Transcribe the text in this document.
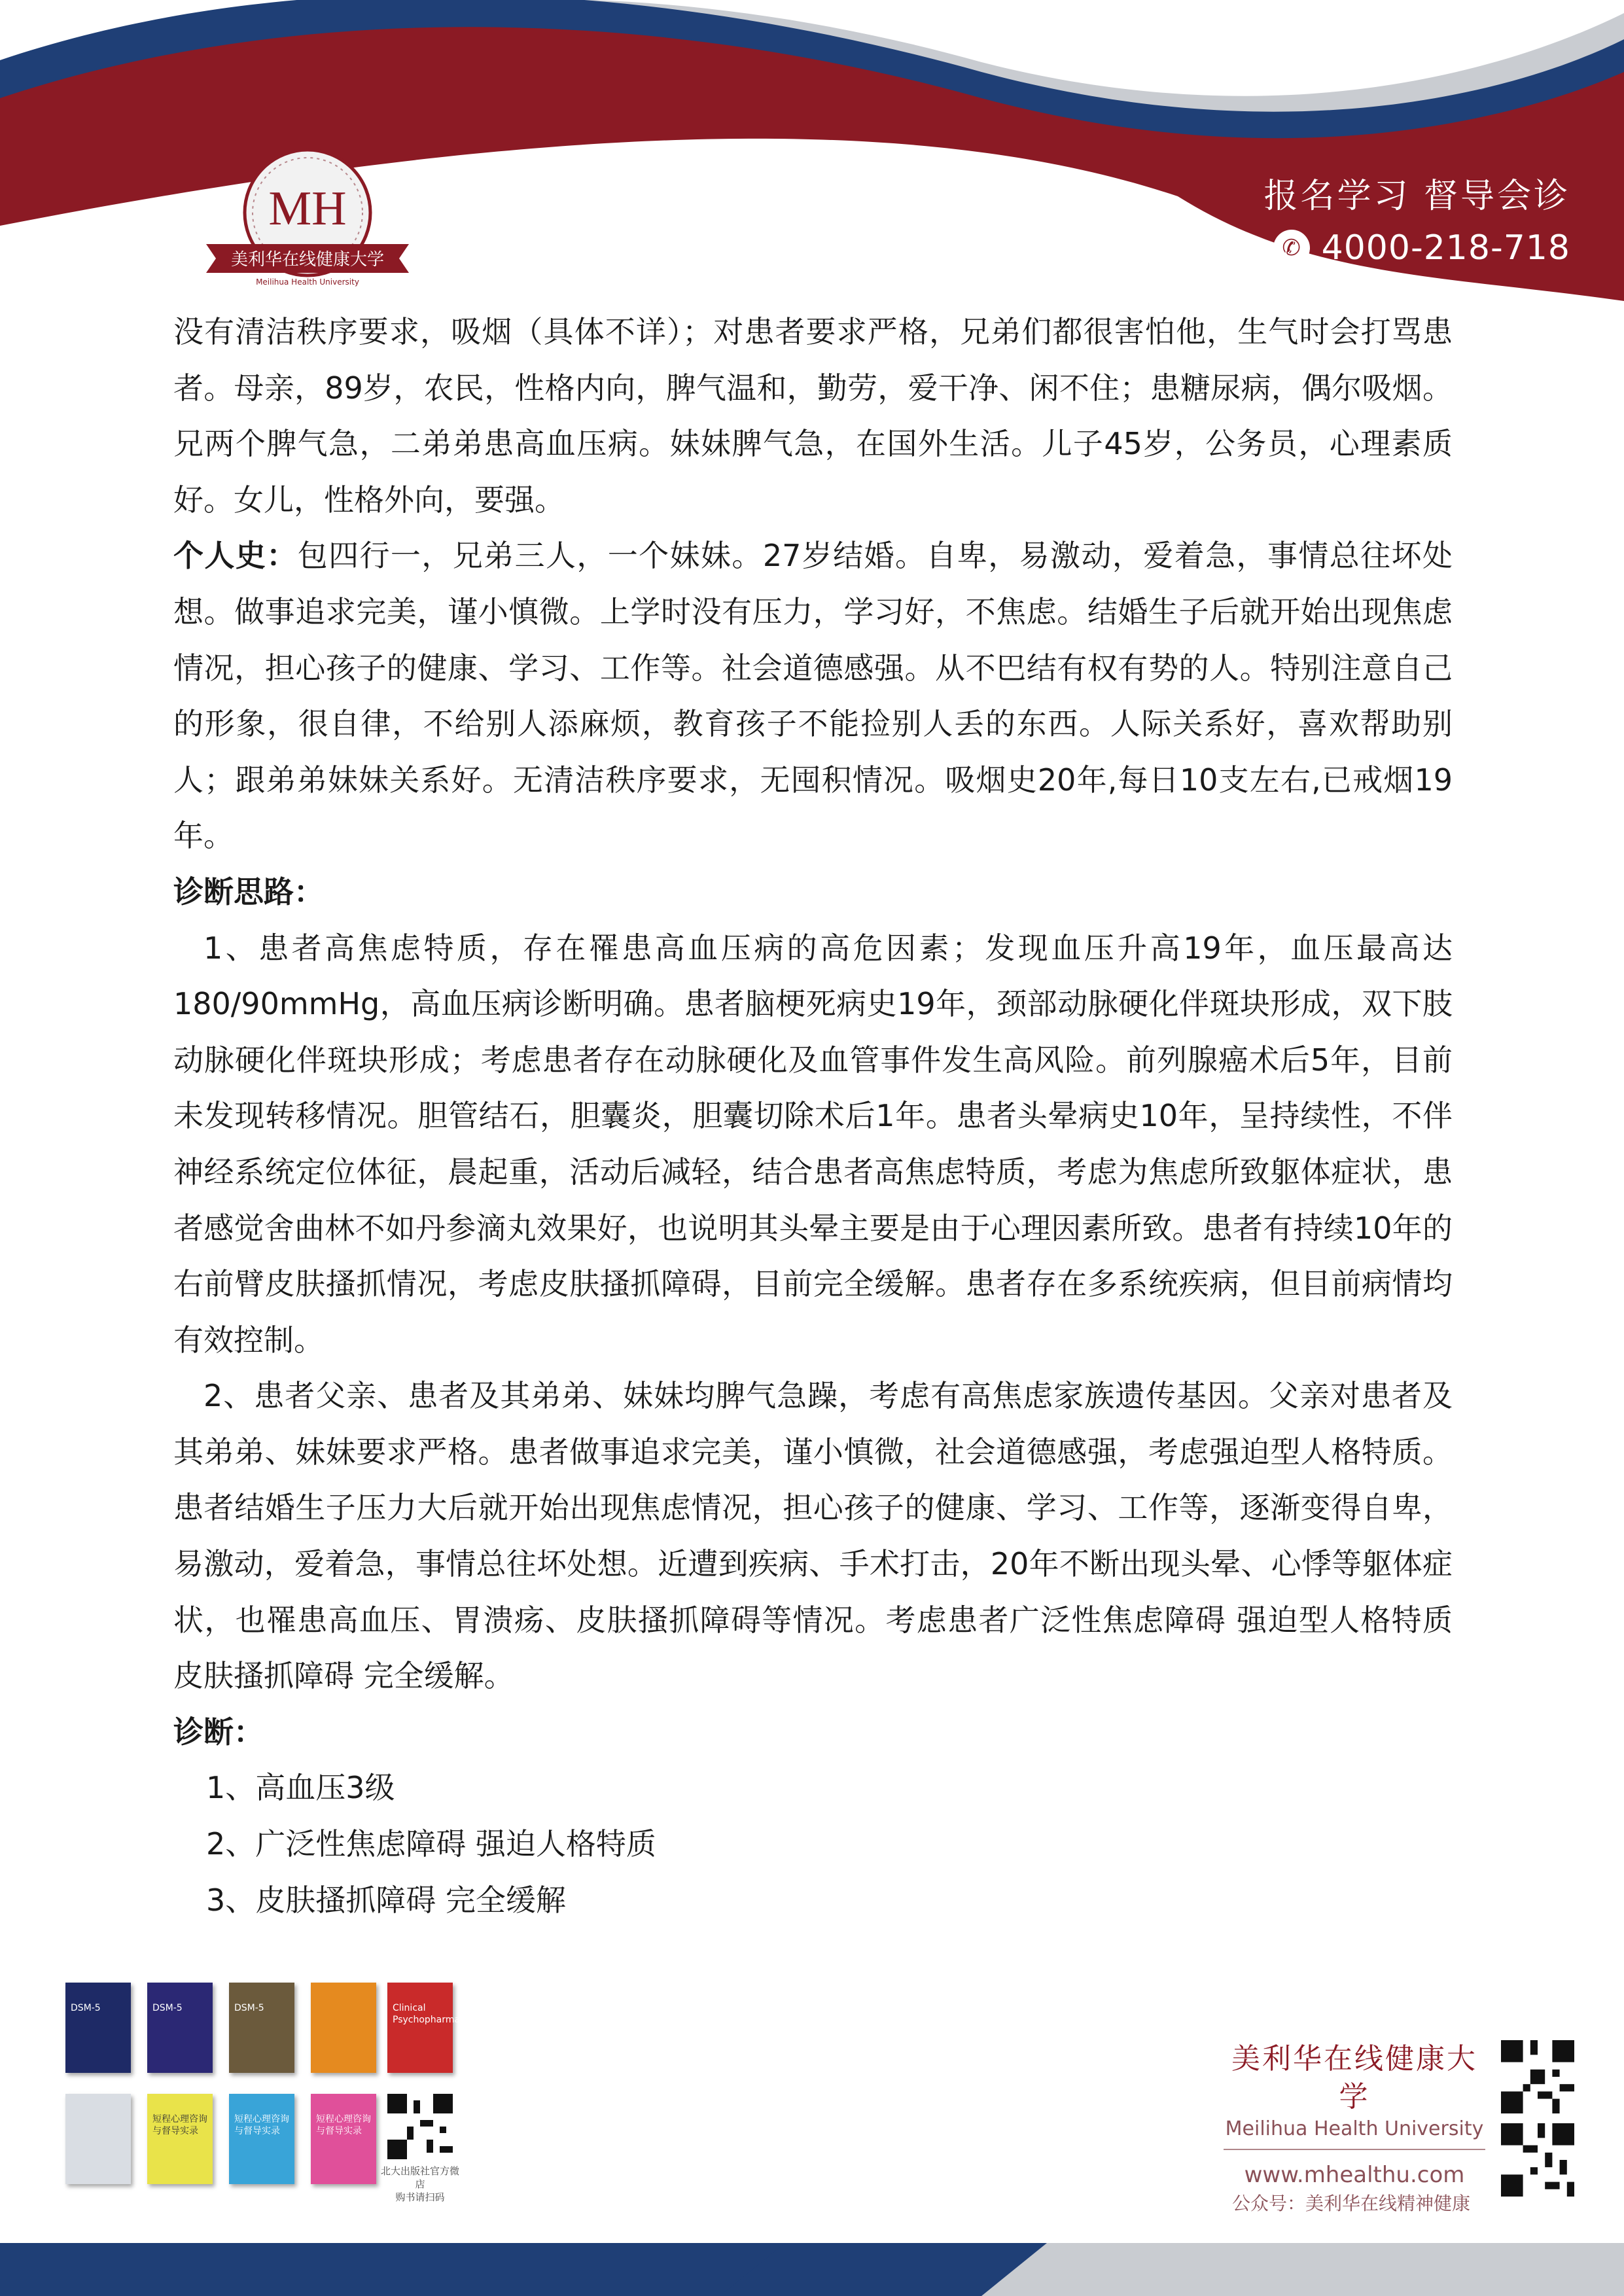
MH
美利华在线健康大学
Meilihua Health University
报名学习 督导会诊
✆ 4000-218-718

没有清洁秩序要求，吸烟（具体不详）；对患者要求严格，兄弟们都很害怕他，生气时会打骂患者。母亲，89岁，农民，性格内向，脾气温和，勤劳，爱干净、闲不住；患糖尿病，偶尔吸烟。兄两个脾气急，二弟弟患高血压病。妹妹脾气急，在国外生活。儿子45岁，公务员，心理素质好。女儿，性格外向，要强。

个人史：包四行一，兄弟三人，一个妹妹。27岁结婚。自卑，易激动，爱着急，事情总往坏处想。做事追求完美，谨小慎微。上学时没有压力，学习好，不焦虑。结婚生子后就开始出现焦虑情况，担心孩子的健康、学习、工作等。社会道德感强。从不巴结有权有势的人。特别注意自己的形象，很自律，不给别人添麻烦，教育孩子不能捡别人丢的东西。人际关系好，喜欢帮助别人；跟弟弟妹妹关系好。无清洁秩序要求，无囤积情况。吸烟史20年,每日10支左右,已戒烟19年。

诊断思路：

1、患者高焦虑特质，存在罹患高血压病的高危因素；发现血压升高19年，血压最高达180/90mmHg，高血压病诊断明确。患者脑梗死病史19年，颈部动脉硬化伴斑块形成，双下肢动脉硬化伴斑块形成；考虑患者存在动脉硬化及血管事件发生高风险。前列腺癌术后5年，目前未发现转移情况。胆管结石，胆囊炎，胆囊切除术后1年。患者头晕病史10年，呈持续性，不伴神经系统定位体征，晨起重，活动后减轻，结合患者高焦虑特质，考虑为焦虑所致躯体症状，患者感觉舍曲林不如丹参滴丸效果好，也说明其头晕主要是由于心理因素所致。患者有持续10年的右前臂皮肤搔抓情况，考虑皮肤搔抓障碍，目前完全缓解。患者存在多系统疾病，但目前病情均有效控制。

2、患者父亲、患者及其弟弟、妹妹均脾气急躁，考虑有高焦虑家族遗传基因。父亲对患者及其弟弟、妹妹要求严格。患者做事追求完美，谨小慎微，社会道德感强，考虑强迫型人格特质。患者结婚生子压力大后就开始出现焦虑情况，担心孩子的健康、学习、工作等，逐渐变得自卑，易激动，爱着急，事情总往坏处想。近遭到疾病、手术打击，20年不断出现头晕、心悸等躯体症状，也罹患高血压、胃溃疡、皮肤搔抓障碍等情况。考虑患者广泛性焦虑障碍 强迫型人格特质 皮肤搔抓障碍 完全缓解。

诊断：

1、高血压3级

2、广泛性焦虑障碍 强迫人格特质

3、皮肤搔抓障碍 完全缓解

DSM-5	DSM-5	DSM-5	Clinical Psychopharmacology
短程心理咨询与督导实录
短程心理咨询与督导实录
短程心理咨询与督导实录
北大出版社官方微店
购书请扫码
美利华在线健康大学
Meilihua Health University
www.mhealthu.com
公众号：美利华在线精神健康
